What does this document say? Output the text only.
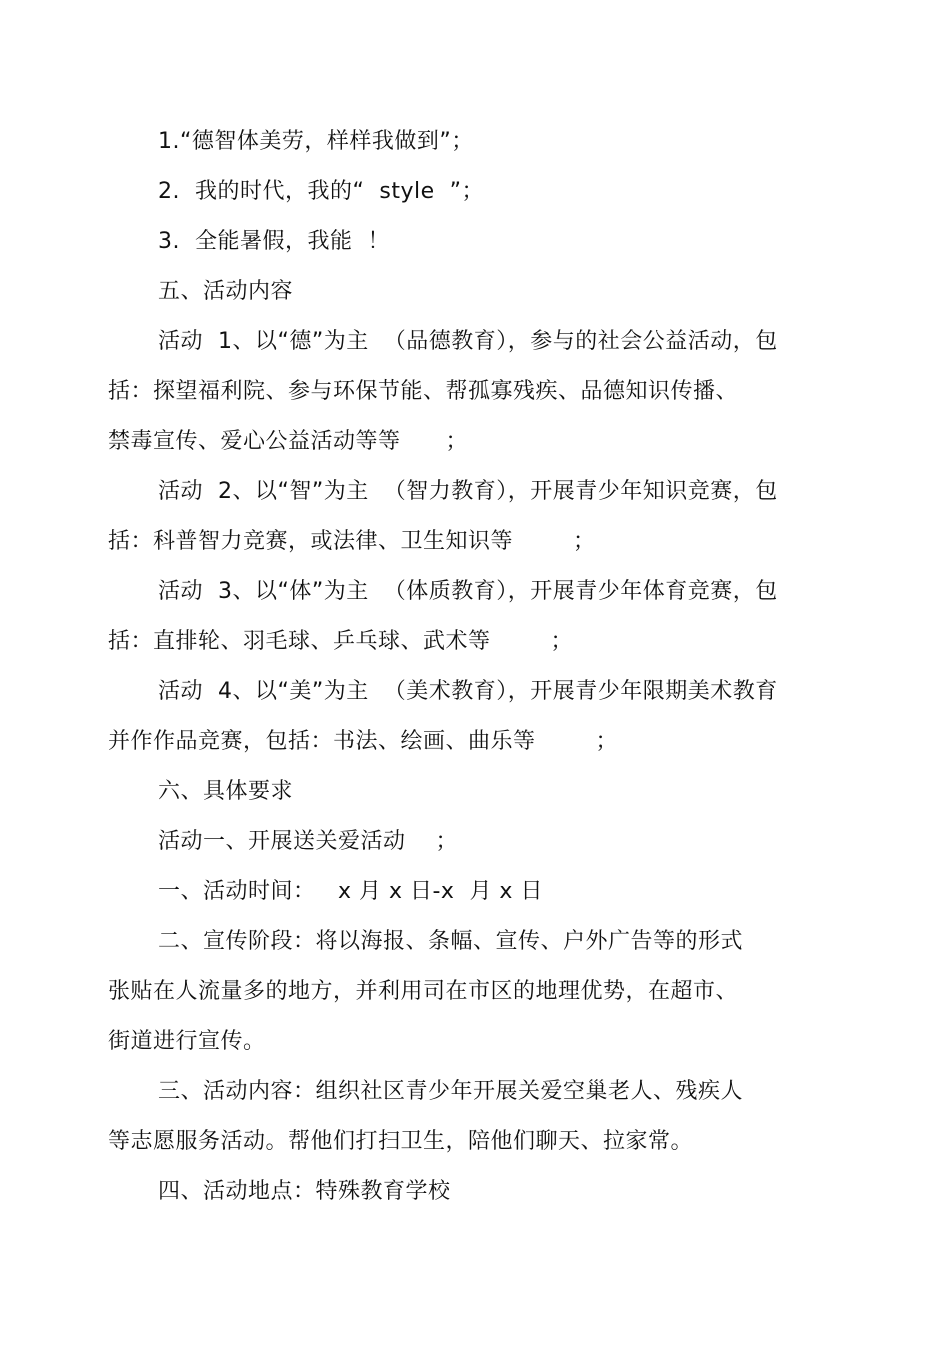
1.“德智体美劳，样样我做到”；
2.  我的时代，我的“  style  ”；
3.  全能暑假，我能  ！
五、活动内容
活动  1、以“德”为主  （品德教育），参与的社会公益活动，包
括：探望福利院、参与环保节能、帮孤寡残疾、品德知识传播、
禁毒宣传、爱心公益活动等等      ；
活动  2、以“智”为主  （智力教育），开展青少年知识竞赛，包
括：科普智力竞赛，或法律、卫生知识等        ；
活动  3、以“体”为主  （体质教育），开展青少年体育竞赛，包
括：直排轮、羽毛球、乒乓球、武术等        ；
活动  4、以“美”为主  （美术教育），开展青少年限期美术教育
并作作品竞赛，包括：书法、绘画、曲乐等        ；
六、具体要求
活动一、开展送关爱活动    ；
一、活动时间：   x 月 x 日-x  月 x 日
二、宣传阶段：将以海报、条幅、宣传、户外广告等的形式
张贴在人流量多的地方，并利用司在市区的地理优势，在超市、
街道进行宣传。
三、活动内容：组织社区青少年开展关爱空巢老人、残疾人
等志愿服务活动。帮他们打扫卫生，陪他们聊天、拉家常。
四、活动地点：特殊教育学校
